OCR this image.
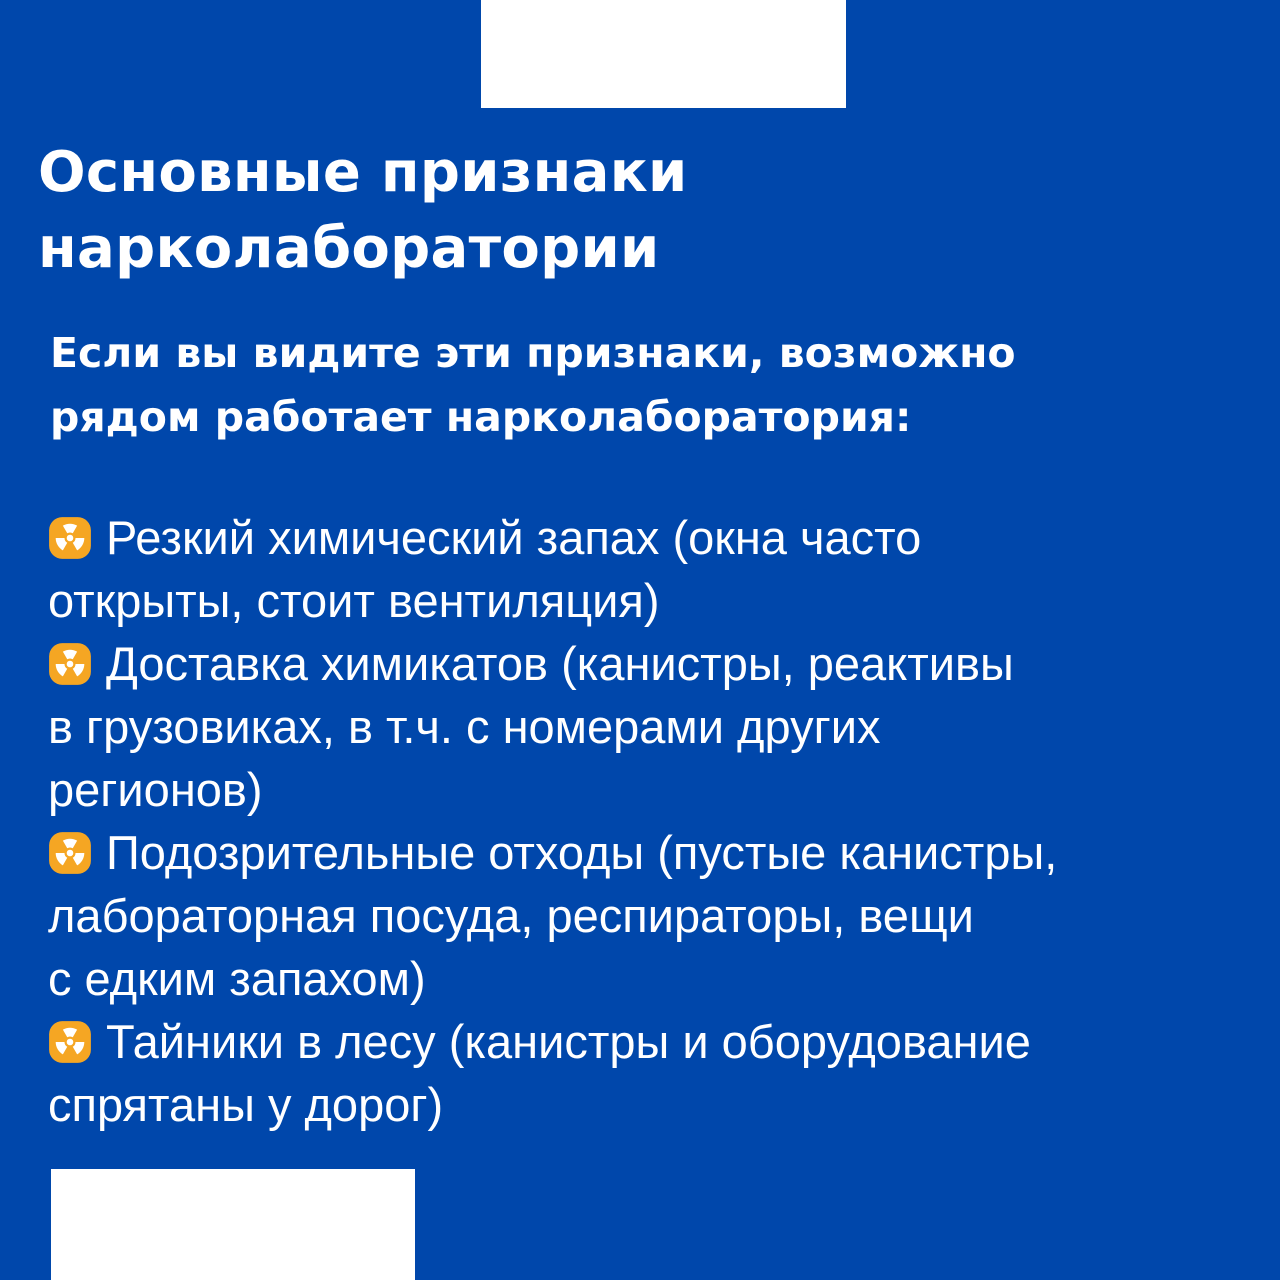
Основные признаки
нарколаборатории

Если вы видите эти признаки, возможно
рядом работает нарколаборатория:

Резкий химический запах (окна часто
открыты, стоит вентиляция)
Доставка химикатов (канистры, реактивы
в грузовиках, в т.ч. с номерами других
регионов)
Подозрительные отходы (пустые канистры,
лабораторная посуда, респираторы, вещи
с едким запахом)
Тайники в лесу (канистры и оборудование
спрятаны у дорог)
